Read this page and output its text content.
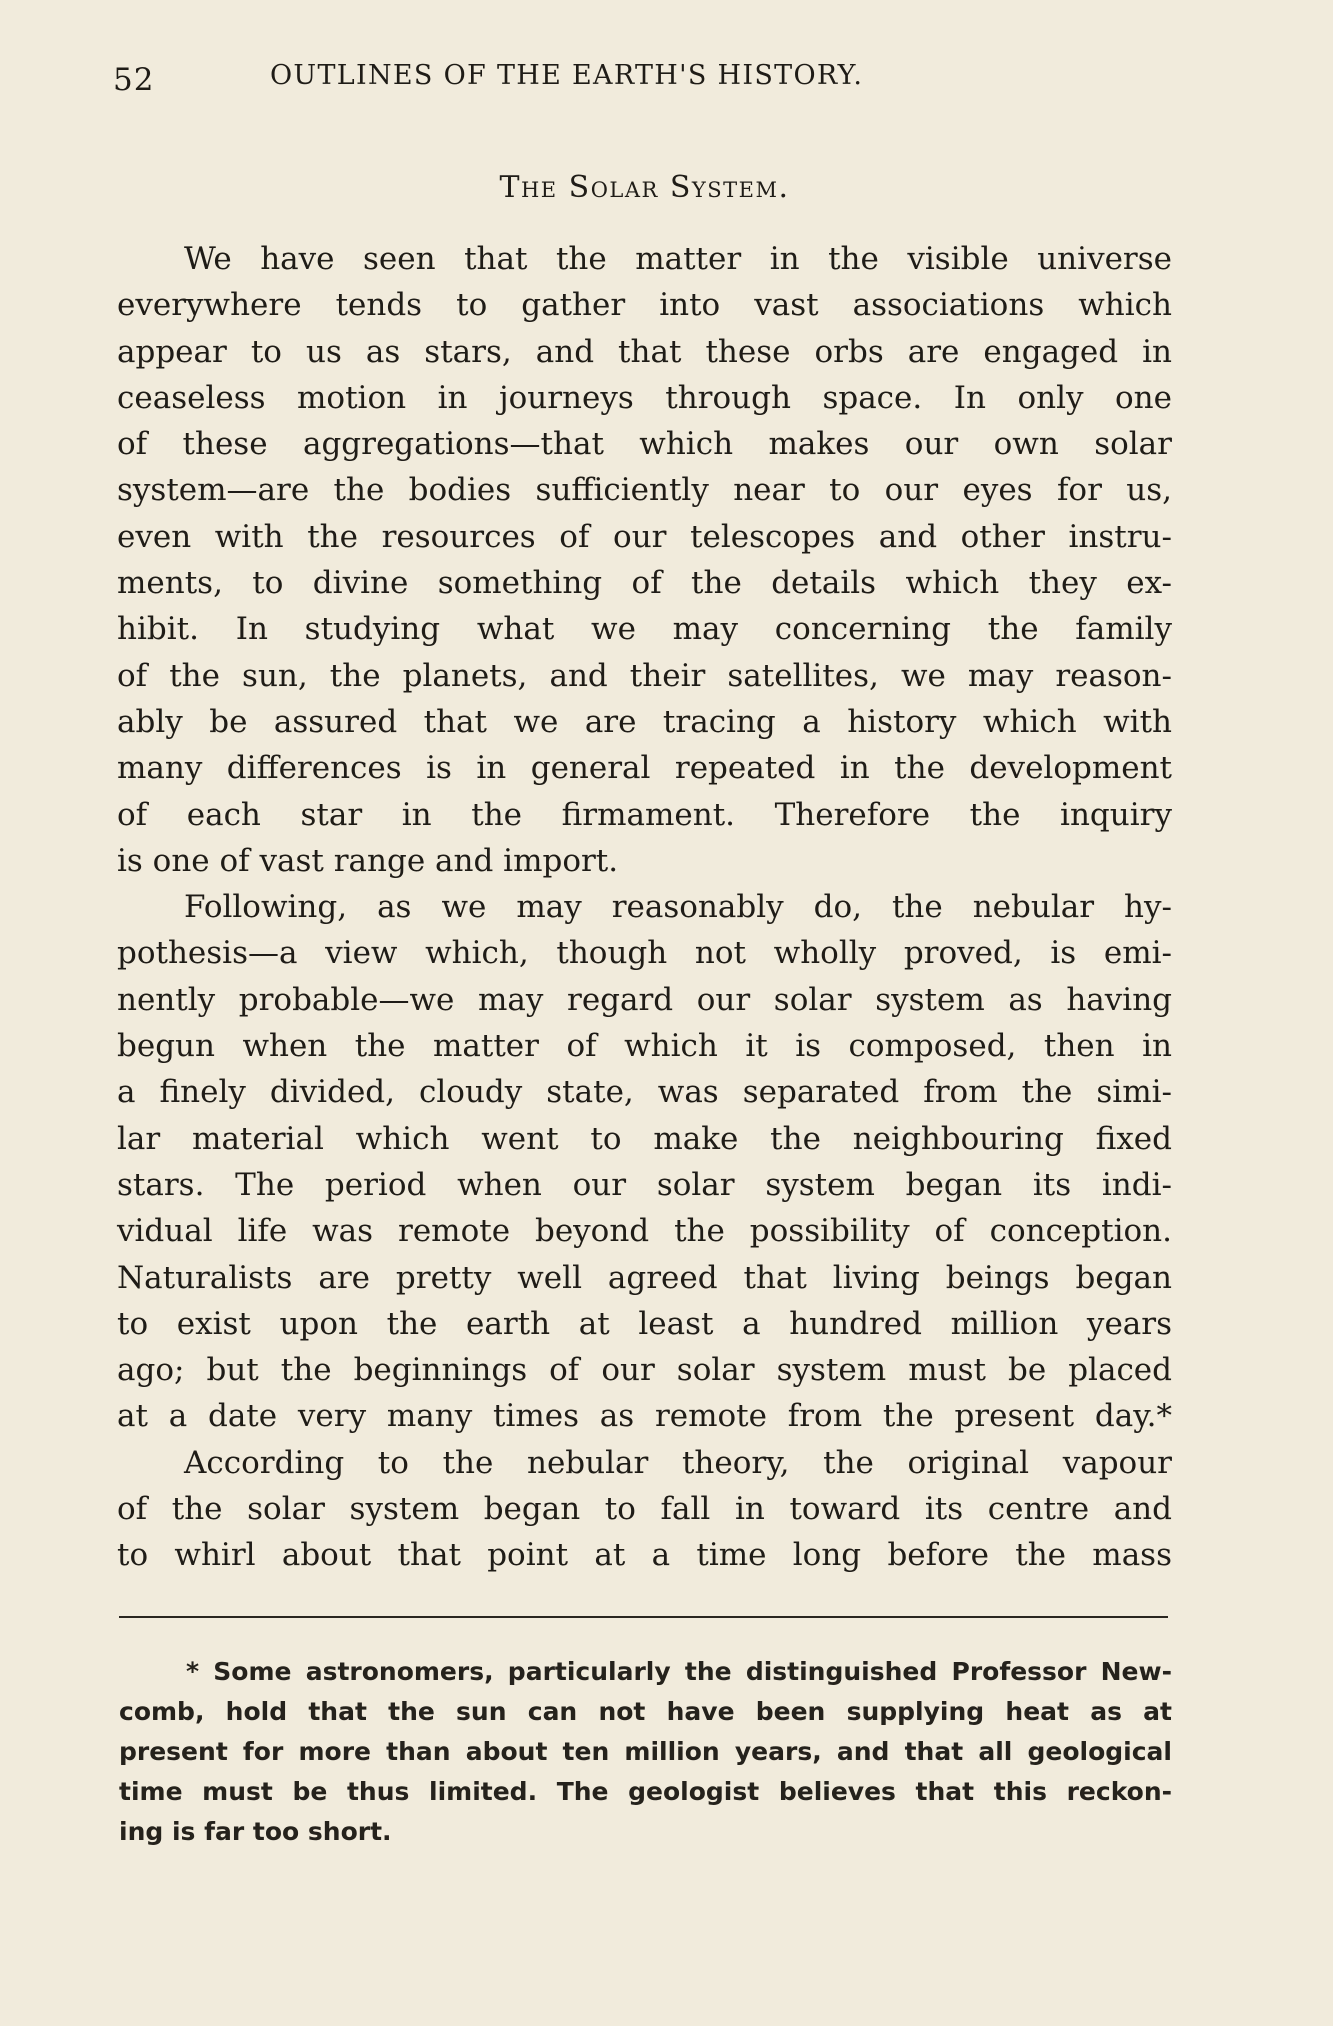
52	OUTLINES OF THE EARTH'S HISTORY.
The Solar System.
We have seen that the matter in the visible universe
everywhere tends to gather into vast associations which
appear to us as stars, and that these orbs are engaged in
ceaseless motion in journeys through space. In only one
of these aggregations—that which makes our own solar
system—are the bodies sufficiently near to our eyes for us,
even with the resources of our telescopes and other instru-
ments, to divine something of the details which they ex-
hibit. In studying what we may concerning the family
of the sun, the planets, and their satellites, we may reason-
ably be assured that we are tracing a history which with
many differences is in general repeated in the development
of each star in the firmament. Therefore the inquiry
is one of vast range and import.
Following, as we may reasonably do, the nebular hy-
pothesis—a view which, though not wholly proved, is emi-
nently probable—we may regard our solar system as having
begun when the matter of which it is composed, then in
a finely divided, cloudy state, was separated from the simi-
lar material which went to make the neighbouring fixed
stars. The period when our solar system began its indi-
vidual life was remote beyond the possibility of conception.
Naturalists are pretty well agreed that living beings began
to exist upon the earth at least a hundred million years
ago; but the beginnings of our solar system must be placed
at a date very many times as remote from the present day.*
According to the nebular theory, the original vapour
of the solar system began to fall in toward its centre and
to whirl about that point at a time long before the mass
* Some astronomers, particularly the distinguished Professor New-
comb, hold that the sun can not have been supplying heat as at
present for more than about ten million years, and that all geological
time must be thus limited. The geologist believes that this reckon-
ing is far too short.
